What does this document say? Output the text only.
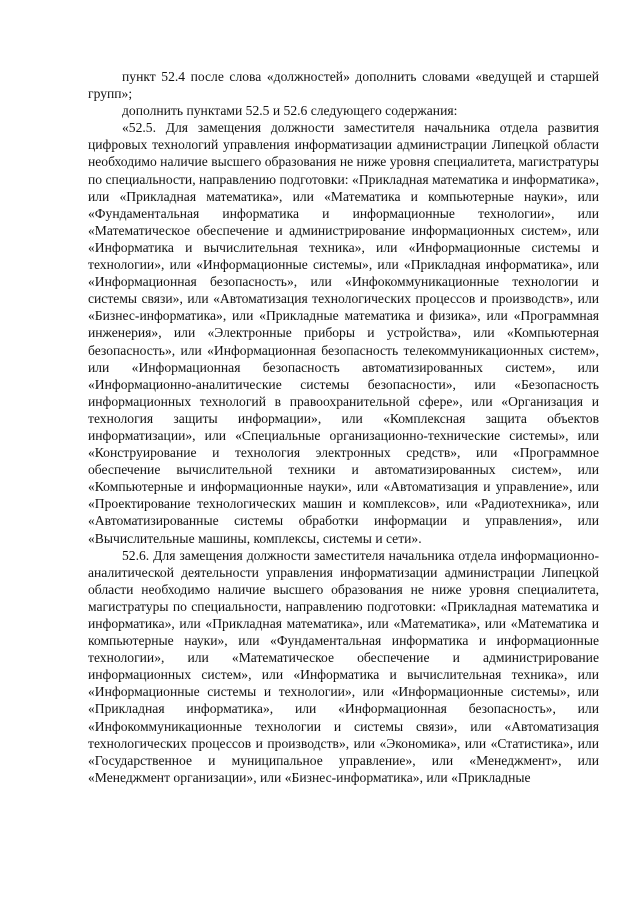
пункт 52.4 после слова «должностей» дополнить словами «ведущей и старшей групп»;

дополнить пунктами 52.5 и 52.6 следующего содержания:

«52.5. Для замещения должности заместителя начальника отдела развития цифровых технологий управления информатизации администрации Липецкой области необходимо наличие высшего образования не ниже уровня специалитета, магистратуры по специальности, направлению подготовки: «Прикладная математика и информатика», или «Прикладная математика», или «Математика и компьютерные науки», или «Фундаментальная информатика и информационные технологии», или «Математическое обеспечение и администрирование информационных систем», или «Информатика и вычислительная техника», или «Информационные системы и технологии», или «Информационные системы», или «Прикладная информатика», или «Информационная безопасность», или «Инфокоммуникационные технологии и системы связи», или «Автоматизация технологических процессов и производств», или «Бизнес-информатика», или «Прикладные математика и физика», или «Программная инженерия», или «Электронные приборы и устройства», или «Компьютерная безопасность», или «Информационная безопасность телекоммуникационных систем», или «Информационная безопасность автоматизированных систем», или «Информационно-аналитические системы безопасности», или «Безопасность информационных технологий в правоохранительной сфере», или «Организация и технология защиты информации», или «Комплексная защита объектов информатизации», или «Специальные организационно-технические системы», или «Конструирование и технология электронных средств», или «Программное обеспечение вычислительной техники и автоматизированных систем», или «Компьютерные и информационные науки», или «Автоматизация и управление», или «Проектирование технологических машин и комплексов», или «Радиотехника», или «Автоматизированные системы обработки информации и управления», или «Вычислительные машины, комплексы, системы и сети».

52.6. Для замещения должности заместителя начальника отдела информационно-аналитической деятельности управления информатизации администрации Липецкой области необходимо наличие высшего образования не ниже уровня специалитета, магистратуры по специальности, направлению подготовки: «Прикладная математика и информатика», или «Прикладная математика», или «Математика», или «Математика и компьютерные науки», или «Фундаментальная информатика и информационные технологии», или «Математическое обеспечение и администрирование информационных систем», или «Информатика и вычислительная техника», или «Информационные системы и технологии», или «Информационные системы», или «Прикладная информатика», или «Информационная безопасность», или «Инфокоммуникационные технологии и системы связи», или «Автоматизация технологических процессов и производств», или «Экономика», или «Статистика», или «Государственное и муниципальное управление», или «Менеджмент», или «Менеджмент организации», или «Бизнес-информатика», или «Прикладные
